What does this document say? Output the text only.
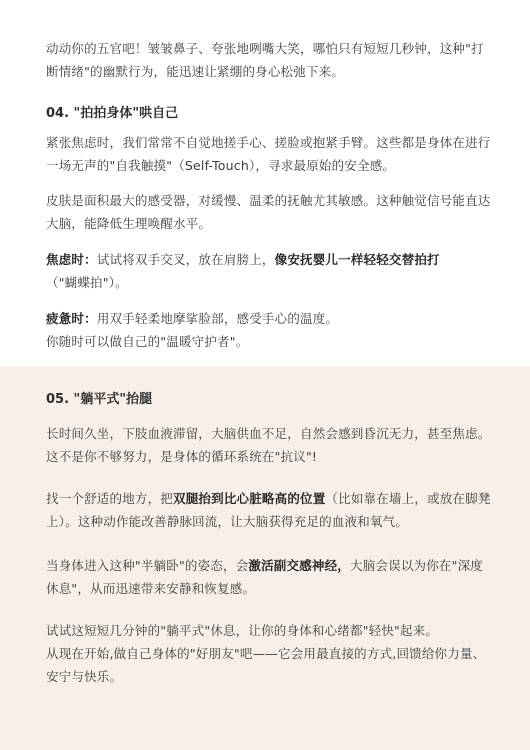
动动你的五官吧！皱皱鼻子、夸张地咧嘴大笑，哪怕只有短短几秒钟，这种"打断情绪"的幽默行为，能迅速让紧绷的身心松弛下来。

04. "拍拍身体"哄自己

紧张焦虑时，我们常常不自觉地搓手心、搓脸或抱紧手臂。这些都是身体在进行一场无声的"自我触摸"（Self-Touch），寻求最原始的安全感。

皮肤是面积最大的感受器，对缓慢、温柔的抚触尤其敏感。这种触觉信号能直达大脑，能降低生理唤醒水平。

焦虑时：试试将双手交叉，放在肩膀上，像安抚婴儿一样轻轻交替拍打
（"蝴蝶拍"）。

疲惫时：用双手轻柔地摩挲脸部，感受手心的温度。
你随时可以做自己的"温暖守护者"。

05. "躺平式"抬腿

长时间久坐，下肢血液滞留，大脑供血不足，自然会感到昏沉无力，甚至焦虑。这不是你不够努力，是身体的循环系统在"抗议"!

找一个舒适的地方，把双腿抬到比心脏略高的位置（比如靠在墙上，或放在脚凳上）。这种动作能改善静脉回流，让大脑获得充足的血液和氧气。

当身体进入这种"半躺卧"的姿态，会激活副交感神经，大脑会误以为你在"深度休息"，从而迅速带来安静和恢复感。

试试这短短几分钟的"躺平式"休息，让你的身体和心绪都"轻快"起来。

从现在开始,做自己身体的"好朋友"吧——它会用最直接的方式,回馈给你力量、安宁与快乐。
